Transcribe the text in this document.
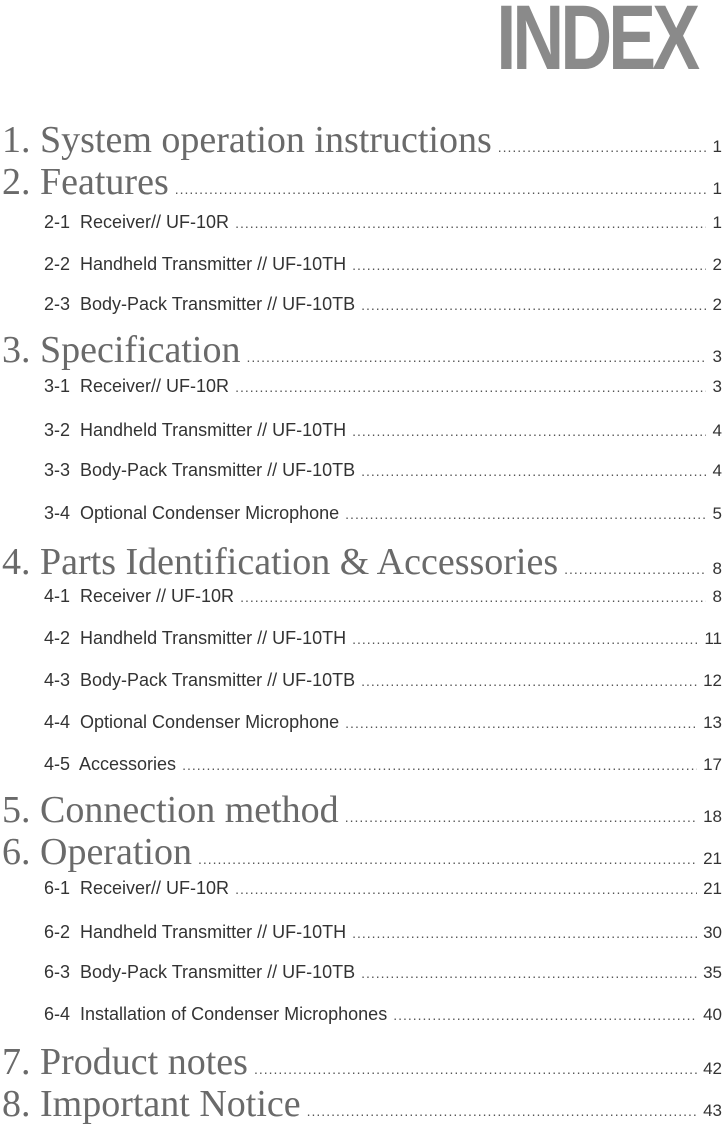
INDEX
1. System operation instructions .....	1
2. Features .....	1
2-1  Receiver// UF-10R .....	1
2-2  Handheld Transmitter // UF-10TH .....	2
2-3  Body-Pack Transmitter // UF-10TB .....	2
3. Specification .....	3
3-1  Receiver// UF-10R .....	3
3-2  Handheld Transmitter // UF-10TH .....	4
3-3  Body-Pack Transmitter // UF-10TB .....	4
3-4  Optional Condenser Microphone .....	5
4. Parts Identification & Accessories .....	8
4-1  Receiver // UF-10R .....	8
4-2  Handheld Transmitter // UF-10TH .....	11
4-3  Body-Pack Transmitter // UF-10TB .....	12
4-4  Optional Condenser Microphone .....	13
4-5  Accessories .....	17
5. Connection method .....	18
6. Operation .....	21
6-1  Receiver// UF-10R .....	21
6-2  Handheld Transmitter // UF-10TH .....	30
6-3  Body-Pack Transmitter // UF-10TB .....	35
6-4  Installation of Condenser Microphones .....	40
7. Product notes .....	42
8. Important Notice .....	43
